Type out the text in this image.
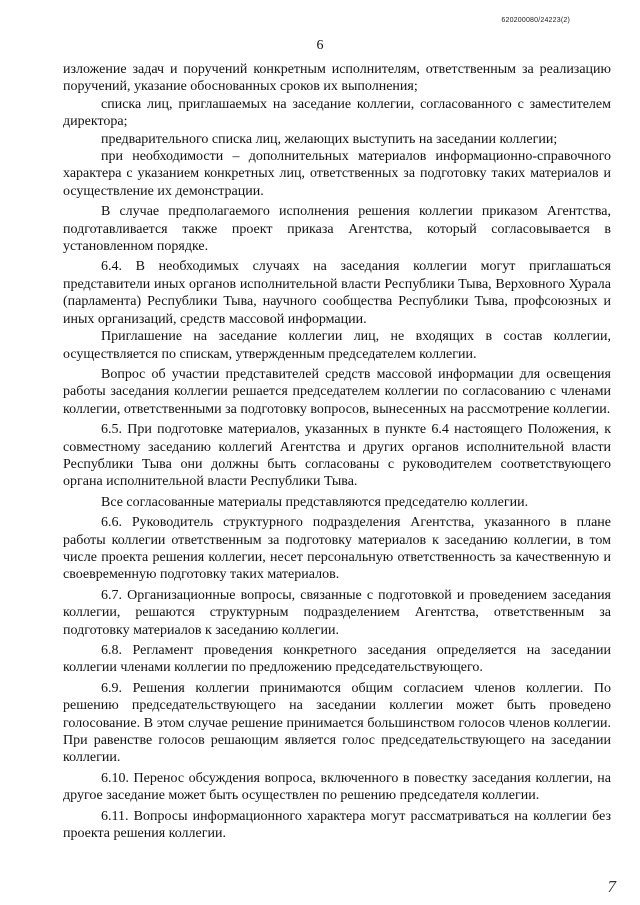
620200080/24223(2)
6

изложение задач и поручений конкретным исполнителям, ответственным за реализацию поручений, указание обоснованных сроков их выполнения;

списка лиц, приглашаемых на заседание коллегии, согласованного с заместителем директора;

предварительного списка лиц, желающих выступить на заседании коллегии;

при необходимости – дополнительных материалов информационно-справочного характера с указанием конкретных лиц, ответственных за подготовку таких материалов и осуществление их демонстрации.

В случае предполагаемого исполнения решения коллегии приказом Агентства, подготавливается также проект приказа Агентства, который согласовывается в установленном порядке.

6.4. В необходимых случаях на заседания коллегии могут приглашаться представители иных органов исполнительной власти Республики Тыва, Верховного Хурала (парламента) Республики Тыва, научного сообщества Республики Тыва, профсоюзных и иных организаций, средств массовой информации.

Приглашение на заседание коллегии лиц, не входящих в состав коллегии, осуществляется по спискам, утвержденным председателем коллегии.

Вопрос об участии представителей средств массовой информации для освещения работы заседания коллегии решается председателем коллегии по согласованию с членами коллегии, ответственными за подготовку вопросов, вынесенных на рассмотрение коллегии.

6.5. При подготовке материалов, указанных в пункте 6.4 настоящего Положения, к совместному заседанию коллегий Агентства и других органов исполнительной власти Республики Тыва они должны быть согласованы с руководителем соответствующего органа исполнительной власти Республики Тыва.

Все согласованные материалы представляются председателю коллегии.

6.6. Руководитель структурного подразделения Агентства, указанного в плане работы коллегии ответственным за подготовку материалов к заседанию коллегии, в том числе проекта решения коллегии, несет персональную ответственность за качественную и своевременную подготовку таких материалов.

6.7. Организационные вопросы, связанные с подготовкой и проведением заседания коллегии, решаются структурным подразделением Агентства, ответственным за подготовку материалов к заседанию коллегии.

6.8. Регламент проведения конкретного заседания определяется на заседании коллегии членами коллегии по предложению председательствующего.

6.9. Решения коллегии принимаются общим согласием членов коллегии. По решению председательствующего на заседании коллегии может быть проведено голосование. В этом случае решение принимается большинством голосов членов коллегии. При равенстве голосов решающим является голос председательствующего на заседании коллегии.

6.10. Перенос обсуждения вопроса, включенного в повестку заседания коллегии, на другое заседание может быть осуществлен по решению председателя коллегии.

6.11. Вопросы информационного характера могут рассматриваться на коллегии без проекта решения коллегии.

7
